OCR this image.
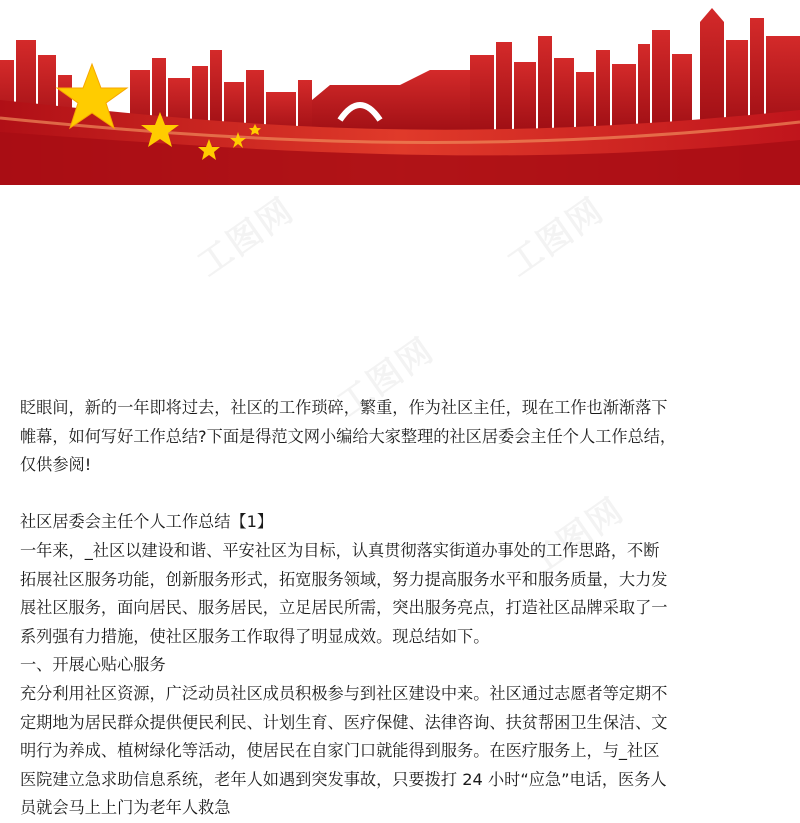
工图网	工图网
工图网
工图网

眨眼间，新的一年即将过去，社区的工作琐碎，繁重，作为社区主任，现在工作也渐渐落下

帷幕，如何写好工作总结?下面是得范文网小编给大家整理的社区居委会主任个人工作总结，

仅供参阅!

社区居委会主任个人工作总结【1】

一年来，_社区以建设和谐、平安社区为目标，认真贯彻落实街道办事处的工作思路，不断

拓展社区服务功能，创新服务形式，拓宽服务领域，努力提高服务水平和服务质量，大力发

展社区服务，面向居民、服务居民，立足居民所需，突出服务亮点，打造社区品牌采取了一

系列强有力措施，使社区服务工作取得了明显成效。现总结如下。

一、开展心贴心服务

充分利用社区资源，广泛动员社区成员积极参与到社区建设中来。社区通过志愿者等定期不

定期地为居民群众提供便民利民、计划生育、医疗保健、法律咨询、扶贫帮困卫生保洁、文

明行为养成、植树绿化等活动，使居民在自家门口就能得到服务。在医疗服务上，与_社区

医院建立急求助信息系统，老年人如遇到突发事故，只要拨打 24 小时“应急”电话，医务人

员就会马上上门为老年人救急
